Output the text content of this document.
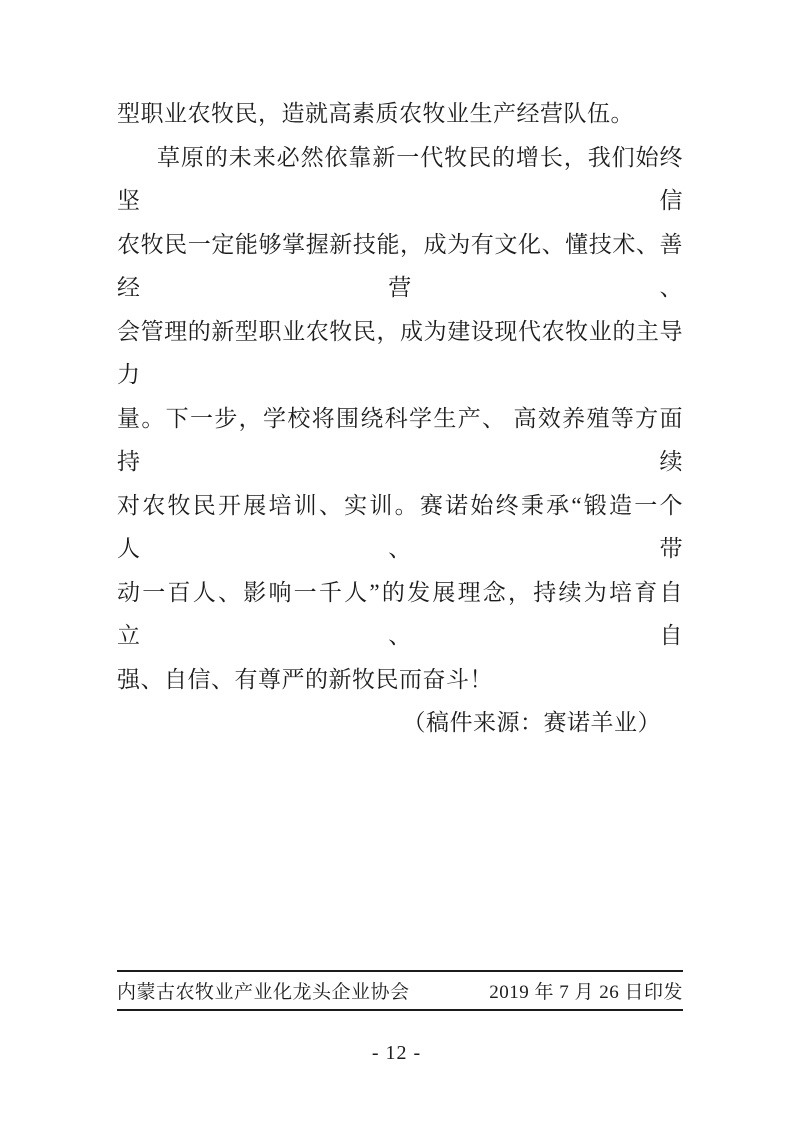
型职业农牧民，造就高素质农牧业生产经营队伍。
草原的未来必然依靠新一代牧民的增长，我们始终坚信
农牧民一定能够掌握新技能，成为有文化、懂技术、善经营、
会管理的新型职业农牧民，成为建设现代农牧业的主导力
量。下一步，学校将围绕科学生产、 高效养殖等方面持续
对农牧民开展培训、实训。赛诺始终秉承“锻造一个人、带
动一百人、影响一千人”的发展理念，持续为培育自立、自
强、自信、有尊严的新牧民而奋斗！
（稿件来源：赛诺羊业）
内蒙古农牧业产业化龙头企业协会	2019 年 7 月 26 日印发
- 12 -
